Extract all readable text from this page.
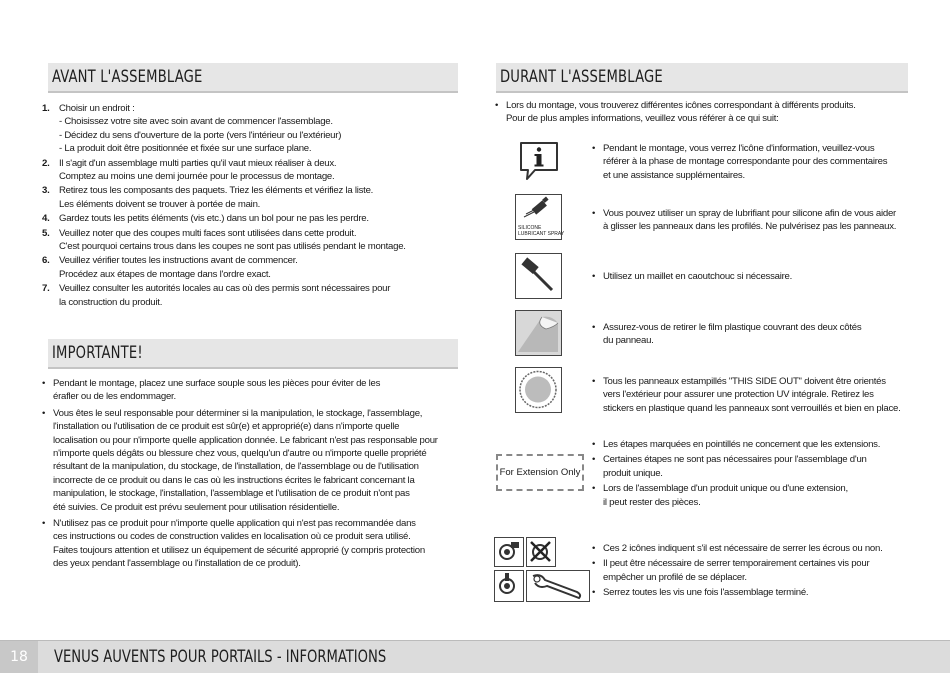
AVANT L'ASSEMBLAGE
1. Choisir un endroit :
- Choisissez votre site avec soin avant de commencer l'assemblage.
- Décidez du sens d'ouverture de la porte (vers l'intérieur ou l'extérieur)
- La produit doit être positionnée et fixée sur une surface plane.
2. Il s'agit d'un assemblage multi parties qu'il vaut mieux réaliser à deux.
Comptez au moins une demi journée pour le processus de montage.
3. Retirez tous les composants des paquets. Triez les éléments et vérifiez la liste.
Les éléments doivent se trouver à portée de main.
4. Gardez touts les petits éléments (vis etc.) dans un bol pour ne pas les perdre.
5. Veuillez noter que des coupes multi faces sont utilisées dans cette produit.
C'est pourquoi certains trous dans les coupes ne sont pas utilisés pendant le montage.
6. Veuillez vérifier toutes les instructions avant de commencer.
Procédez aux étapes de montage dans l'ordre exact.
7. Veuillez consulter les autorités locales au cas où des permis sont nécessaires pour
la construction du produit.
IMPORTANTE!
• Pendant le montage, placez une surface souple sous les pièces pour éviter de les
érafler ou de les endommager.
• Vous êtes le seul responsable pour déterminer si la manipulation, le stockage, l'assemblage,
l'installation ou l'utilisation de ce produit est sûr(e) et approprié(e) dans n'importe quelle
localisation ou pour n'importe quelle application donnée. Le fabricant n'est pas responsable pour
n'importe quels dégâts ou blessure chez vous, quelqu'un d'autre ou n'importe quelle propriété
résultant de la manipulation, du stockage, de l'installation, de l'assemblage ou de l'utilisation
incorrecte de ce produit ou dans le cas où les instructions écrites le fabricant concernant la
manipulation, le stockage, l'installation, l'assemblage et l'utilisation de ce produit n'ont pas
été suivies. Ce produit est prévu seulement pour utilisation résidentielle.
• N'utilisez pas ce produit pour n'importe quelle application qui n'est pas recommandée dans
ces instructions ou codes de construction valides en localisation où ce produit sera utilisé.
Faites toujours attention et utilisez un équipement de sécurité approprié (y compris protection
des yeux pendant l'assemblage ou l'installation de ce produit).
DURANT L'ASSEMBLAGE
• Lors du montage, vous trouverez différentes icônes correspondant à différents produits.
Pour de plus amples informations, veuillez vous référer à ce qui suit:
• Pendant le montage, vous verrez l'icône d'information, veuillez-vous
référer à la phase de montage correspondante pour des commentaires
et une assistance supplémentaires.
SILICONE
LUBRICANT SPRAY
• Vous pouvez utiliser un spray de lubrifiant pour silicone afin de vous aider
à glisser les panneaux dans les profilés. Ne pulvérisez pas les panneaux.
• Utilisez un maillet en caoutchouc si nécessaire.
• Assurez-vous de retirer le film plastique couvrant des deux côtés
du panneau.
• Tous les panneaux estampillés "THIS SIDE OUT" doivent être orientés
vers l'extérieur pour assurer une protection UV intégrale. Retirez les
stickers en plastique quand les panneaux sont verrouillés et bien en place.
For Extension Only
• Les étapes marquées en pointillés ne concernent que les extensions.
• Certaines étapes ne sont pas nécessaires pour l'assemblage d'un
produit unique.
• Lors de l'assemblage d'un produit unique ou d'une extension,
il peut rester des pièces.
• Ces 2 icônes indiquent s'il est nécessaire de serrer les écrous ou non.
• Il peut être nécessaire de serrer temporairement certaines vis pour
empêcher un profilé de se déplacer.
• Serrez toutes les vis une fois l'assemblage terminé.
18	VENUS AUVENTS POUR PORTAILS - INFORMATIONS
